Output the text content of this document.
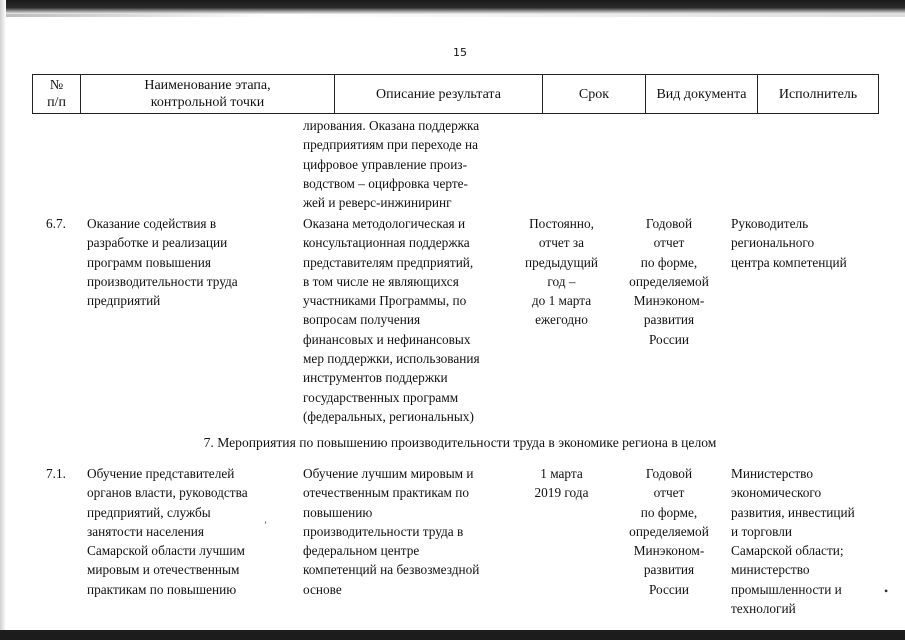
15
№
п/п
Наименование этапа,
контрольной точки
Описание результата	Срок	Вид документа Исполнитель
лирования. Оказана поддержка
предприятиям при переходе на
цифровое управление произ-
водством – оцифровка черте-
жей и реверс-инжиниринг
6.7. Оказание содействия в
разработке и реализации
программ повышения
производительности труда
предприятий
Оказана методологическая и
консультационная поддержка
представителям предприятий,
в том числе не являющихся
участниками Программы, по
вопросам получения
финансовых и нефинансовых
мер поддержки, использования
инструментов поддержки
государственных программ
(федеральных, региональных)
Постоянно,
отчет за
предыдущий
год –
до 1 марта
ежегодно
Годовой
отчет
по форме,
определяемой
Минэконом-
развития
России
Руководитель
регионального
центра компетенций
7. Мероприятия по повышению производительности труда в экономике региона в целом
7.1. Обучение представителей
органов власти, руководства
предприятий, службы
занятости населения
Самарской области лучшим
мировым и отечественным
практикам по повышению
Обучение лучшим мировым и
отечественным практикам по
повышению
производительности труда в
федеральном центре
компетенций на безвозмездной
основе
1 марта
2019 года
Годовой
отчет
по форме,
определяемой
Минэконом-
развития
России
Министерство
экономического
развития, инвестиций
и торговли
Самарской области;
министерство
промышленности и
технологий
ʼ
•
